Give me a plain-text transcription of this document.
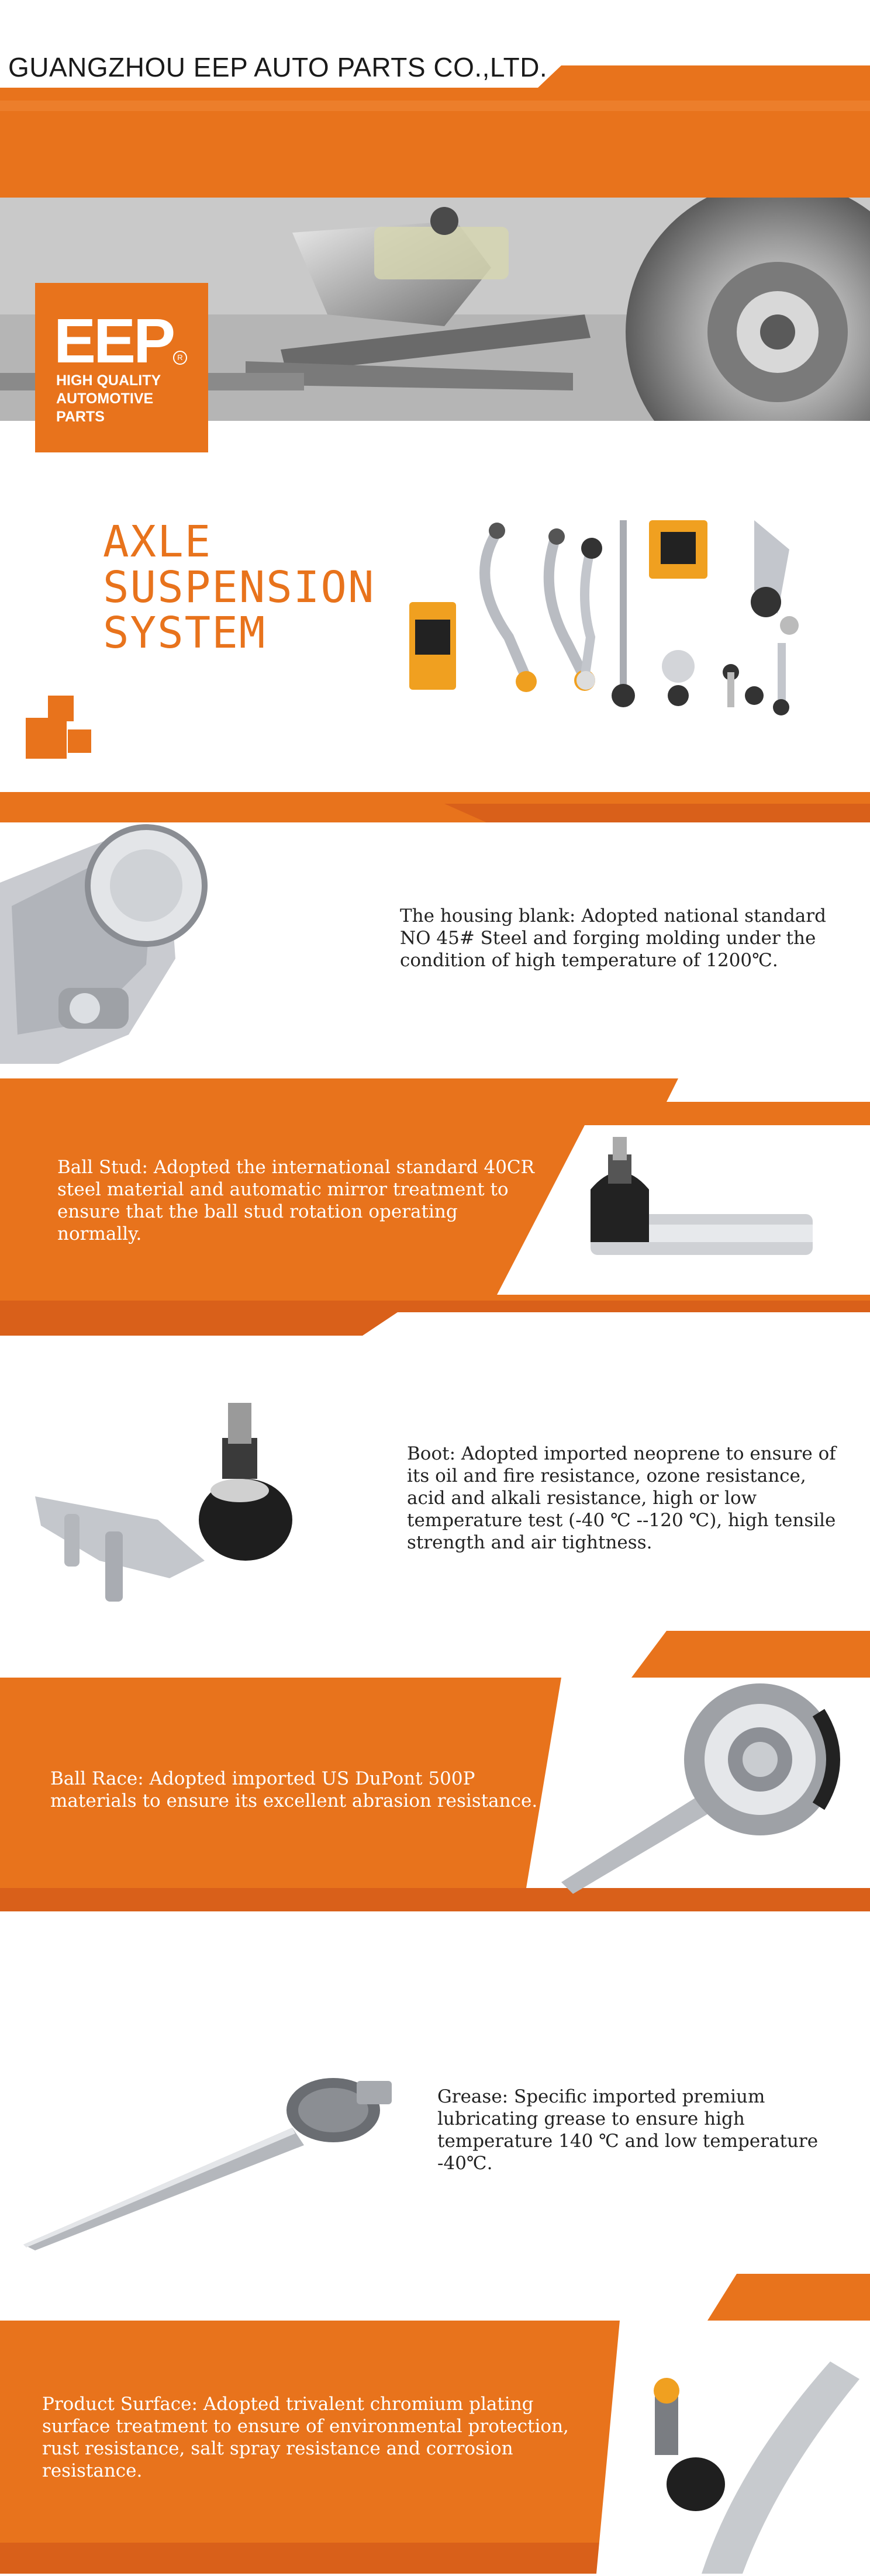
GUANGZHOU EEP AUTO PARTS CO.,LTD.
EEP R
HIGH QUALITY AUTOMOTIVE PARTS
AXLE SUSPENSION SYSTEM
The housing blank: Adopted national standard NO 45# Steel and forging molding under the condition of high temperature of 1200℃.
Ball Stud: Adopted the international standard 40CR steel material and automatic mirror treatment to ensure that the ball stud rotation operating normally.
Boot: Adopted imported neoprene to ensure of its oil and fire resistance, ozone resistance, acid and alkali resistance, high or low temperature test (-40 ℃ --120 ℃), high tensile strength and air tightness.
Ball Race: Adopted imported US DuPont 500P materials to ensure its excellent abrasion resistance.
Grease: Specific imported premium lubricating grease to ensure high temperature 140 ℃ and low temperature -40℃.
Product Surface: Adopted trivalent chromium plating surface treatment to ensure of environmental protection, rust resistance, salt spray resistance and corrosion resistance.
